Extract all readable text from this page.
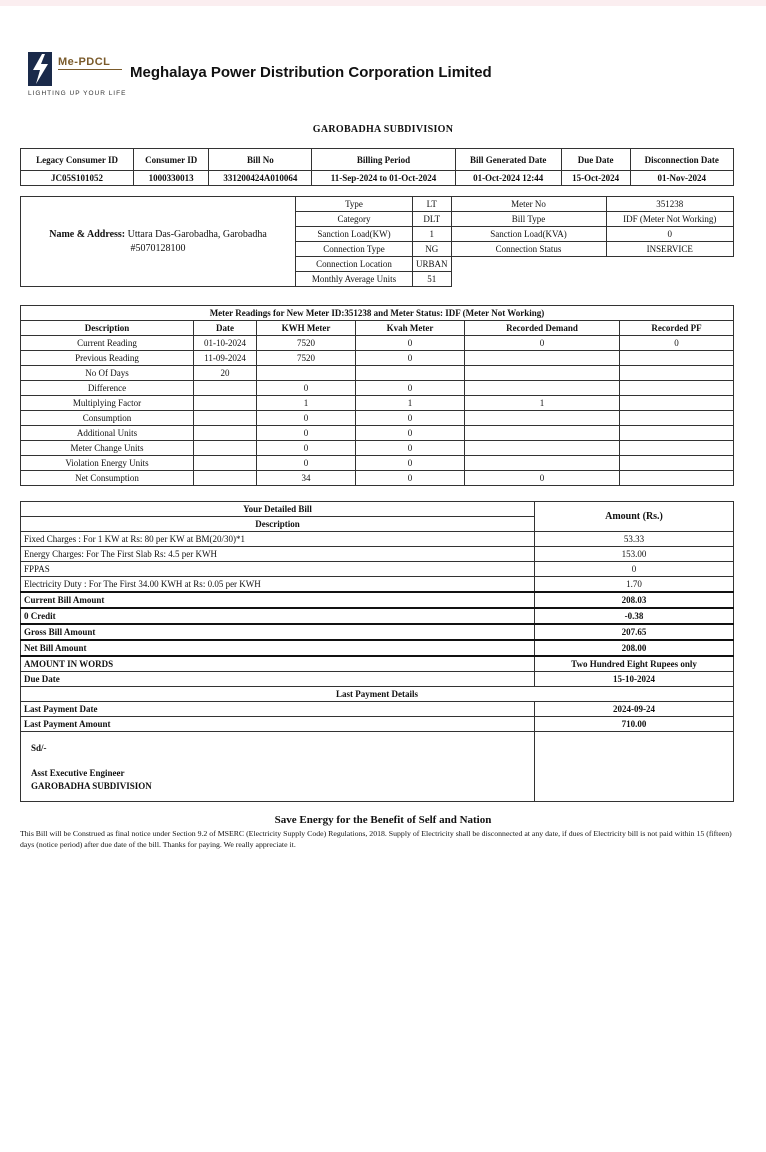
Me-PDCL
LIGHTING UP YOUR LIFE
Meghalaya Power Distribution Corporation Limited
GAROBADHA SUBDIVISION
Legacy Consumer ID	Consumer ID	Bill No	Billing Period	Bill Generated Date	Due Date	Disconnection Date
JC05S101052	1000330013	331200424A010064	11-Sep-2024 to 01-Oct-2024	01-Oct-2024 12:44	15-Oct-2024	01-Nov-2024
Name & Address: Uttara Das-Garobadha, Garobadha
#5070128100	Type	LT	Meter No	351238
	Category	DLT	Bill Type	IDF (Meter Not Working)
	Sanction Load(KW)	1	Sanction Load(KVA)	0
	Connection Type	NG	Connection Status	INSERVICE
	Connection Location	URBAN		
	Monthly Average Units	51		
Meter Readings for New Meter ID:351238 and Meter Status: IDF (Meter Not Working)					
Description	Date	KWH Meter	Kvah Meter	Recorded Demand	Recorded PF
Current Reading	01-10-2024	7520	0	0	0
Previous Reading	11-09-2024	7520	0		
No Of Days	20				
Difference		0	0		
Multiplying Factor		1	1	1	
Consumption		0	0		
Additional Units		0	0		
Meter Change Units		0	0		
Violation Energy Units		0	0		
Net Consumption		34	0	0	
Your Detailed Bill	Amount (Rs.)
Description	
Fixed Charges : For 1 KW at Rs: 80 per KW at BM(20/30)*1	53.33
Energy Charges: For The First Slab Rs: 4.5 per KWH	153.00
FPPAS	0
Electricity Duty : For The First 34.00 KWH at Rs: 0.05 per KWH	1.70
Current Bill Amount	208.03
0 Credit	-0.38
Gross Bill Amount	207.65
Net Bill Amount	208.00
AMOUNT IN WORDS	Two Hundred Eight Rupees only
Due Date	15-10-2024
Last Payment Details	
Last Payment Date	2024-09-24
Last Payment Amount	710.00

Sd/-
Asst Executive Engineer
GAROBADHA SUBDIVISION	

Save Energy for the Benefit of Self and Nation
This Bill will be Construed as final notice under Section 9.2 of MSERC (Electricity Supply Code) Regulations, 2018. Supply of Electricity shall be disconnected at any date, if dues of Electricity bill is not paid within 15 (fifteen) days (notice period) after due date of the bill. Thanks for paying. We really appreciate it.
